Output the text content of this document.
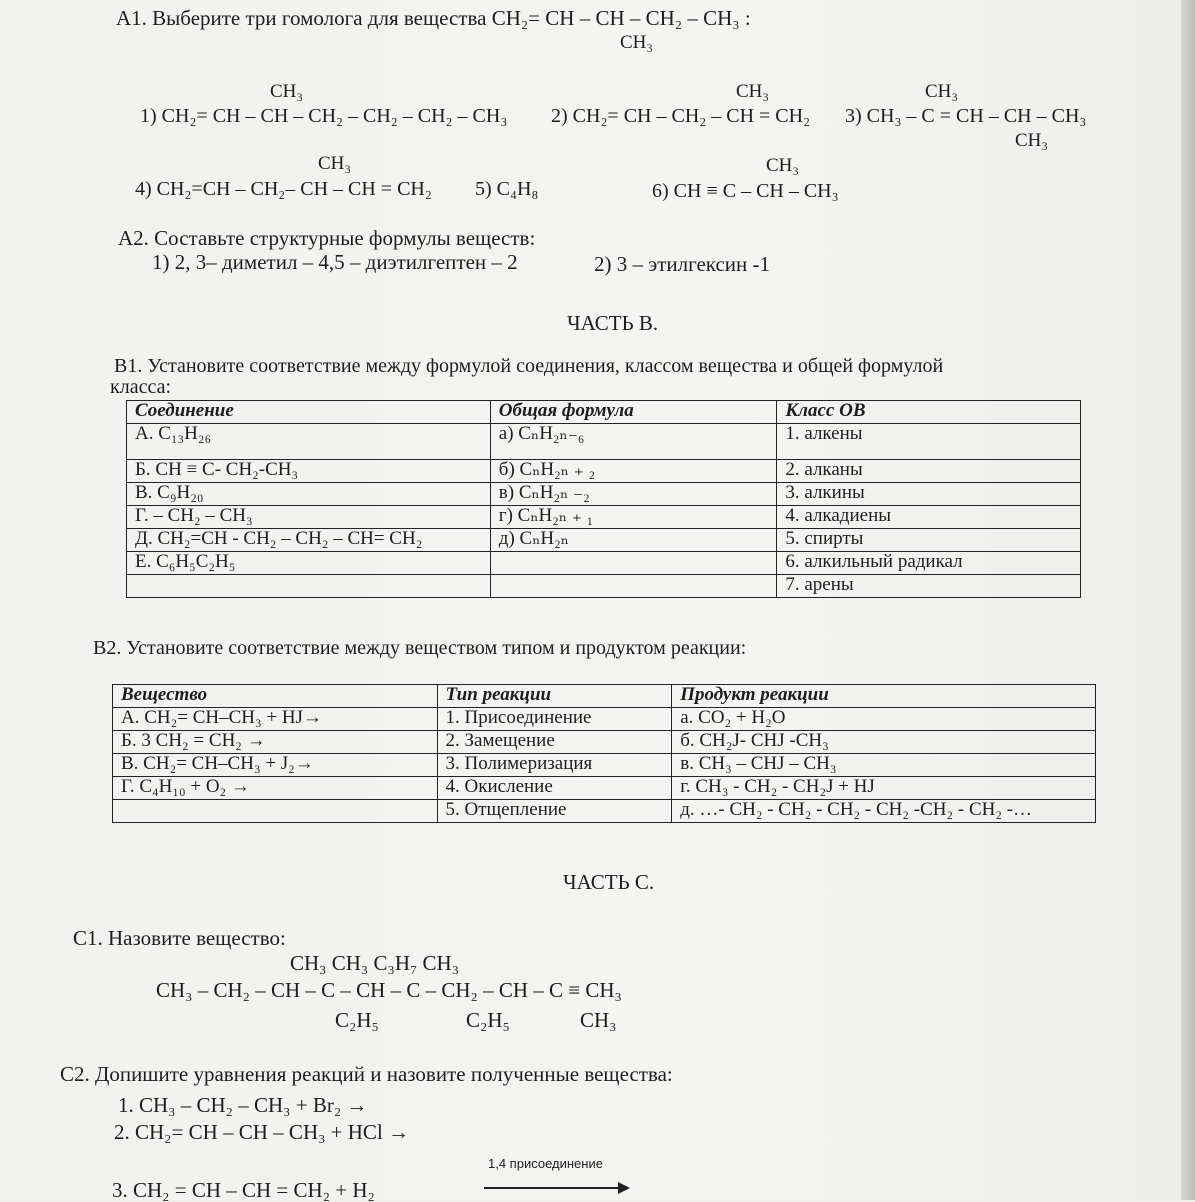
A1. Выберите три гомолога для вещества CH₂= CH – CH – CH₂ – CH₃ :
CH₃
CH₃
1) CH₂= CH – CH – CH₂ – CH₂ – CH₂ – CH₃
CH₃
2) CH₂= CH – CH₂ – CH = CH₂
CH₃
3) CH₃ – C = CH – CH – CH₃
CH₃
CH₃
4) CH₂=CH – CH₂– CH – CH = CH₂ 5) C₄H₈
CH₃
6) CH ≡ C – CH – CH₃
A2. Составьте структурные формулы веществ:
1) 2, 3– диметил – 4,5 – диэтилгептен – 2	2) 3 – этилгексин -1
ЧАСТЬ В.
B1. Установите соответствие между формулой соединения, классом вещества и общей формулой
класса:
Соединение	Общая формула	Класс ОВ
А. C₁₃H₂₆	а) CₙH₂ₙ₋₆	1. алкены
Б. CH ≡ C- CH₂-CH₃	б) CₙH₂ₙ ₊ ₂	2. алканы
В. C₉H₂₀	в) CₙH₂ₙ ₋₂	3. алкины
Г. – CH₂ – CH₃	г) CₙH₂ₙ ₊ ₁	4. алкадиены
Д. CH₂=CH - CH₂ – CH₂ – CH= CH₂	д) CₙH₂ₙ	5. спирты
Е. C₆H₅C₂H₅		6. алкильный радикал
		7. арены
B2. Установите соответствие между веществом типом и продуктом реакции:
Вещество	Тип реакции	Продукт реакции
А. CH₂= CH–CH₃ + HJ→	1. Присоединение	а. CO₂ + H₂O
Б. 3 CH₂ = CH₂ →	2. Замещение	б. CH₂J- CHJ -CH₃
В. CH₂= CH–CH₃ + J₂→	3. Полимеризация	в. CH₃ – CHJ – CH₃
Г. C₄H₁₀ + O₂ →	4. Окисление	г. CH₃ - CH₂ - CH₂J + HJ
	5. Отщепление	д. …- CH₂ - CH₂ - CH₂ - CH₂ -CH₂ - CH₂ -…
ЧАСТЬ С.
C1. Назовите вещество:
CH₃ CH₃ C₃H₇ CH₃
CH₃ – CH₂ – CH – C – CH – C – CH₂ – CH – C ≡ CH₃
C₂H₅	C₂H₅	CH₃
C2. Допишите уравнения реакций и назовите полученные вещества:
1. CH₃ – CH₂ – CH₃ + Br₂ →
2. CH₂= CH – CH – CH₃ + HCl →
1,4 присоединение
3. CH₂ = CH – CH = CH₂ + H₂
